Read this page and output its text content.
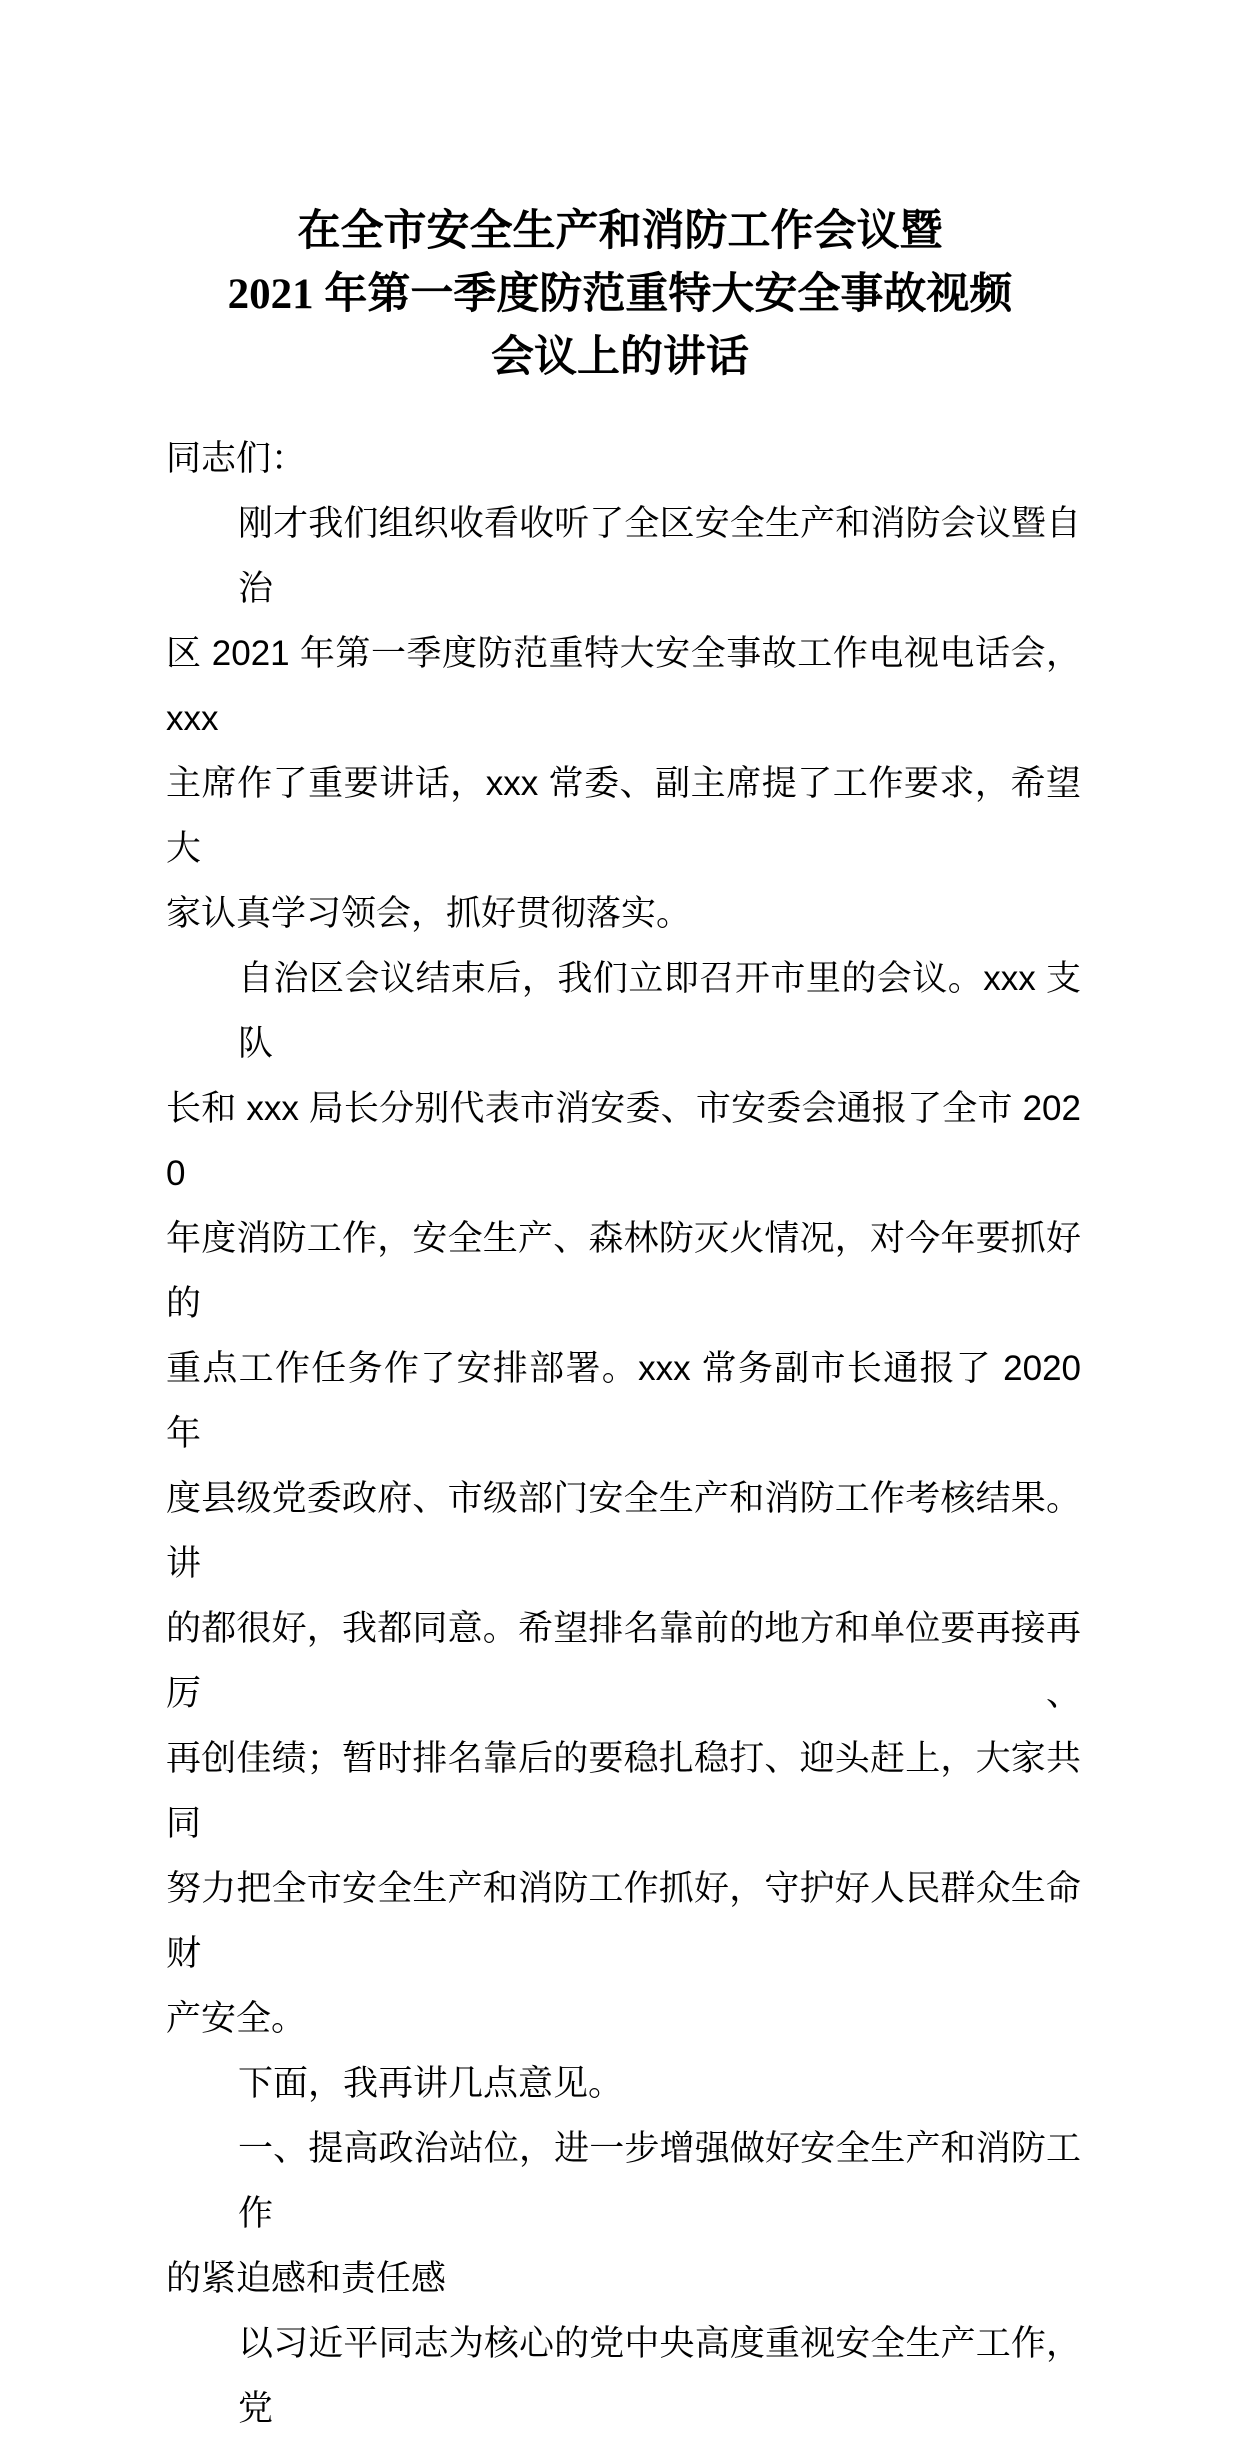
在全市安全生产和消防工作会议暨
2021 年第一季度防范重特大安全事故视频
会议上的讲话
同志们：
刚才我们组织收看收听了全区安全生产和消防会议暨自治
区 2021 年第一季度防范重特大安全事故工作电视电话会，xxx
主席作了重要讲话，xxx 常委、副主席提了工作要求，希望大
家认真学习领会，抓好贯彻落实。
自治区会议结束后，我们立即召开市里的会议。xxx 支队
长和 xxx 局长分别代表市消安委、市安委会通报了全市 2020
年度消防工作，安全生产、森林防灭火情况，对今年要抓好的
重点工作任务作了安排部署。xxx 常务副市长通报了 2020 年
度县级党委政府、市级部门安全生产和消防工作考核结果。讲
的都很好，我都同意。希望排名靠前的地方和单位要再接再厉、
再创佳绩；暂时排名靠后的要稳扎稳打、迎头赶上，大家共同
努力把全市安全生产和消防工作抓好，守护好人民群众生命财
产安全。
下面，我再讲几点意见。
一、提高政治站位，进一步增强做好安全生产和消防工作
的紧迫感和责任感
以习近平同志为核心的党中央高度重视安全生产工作，党
